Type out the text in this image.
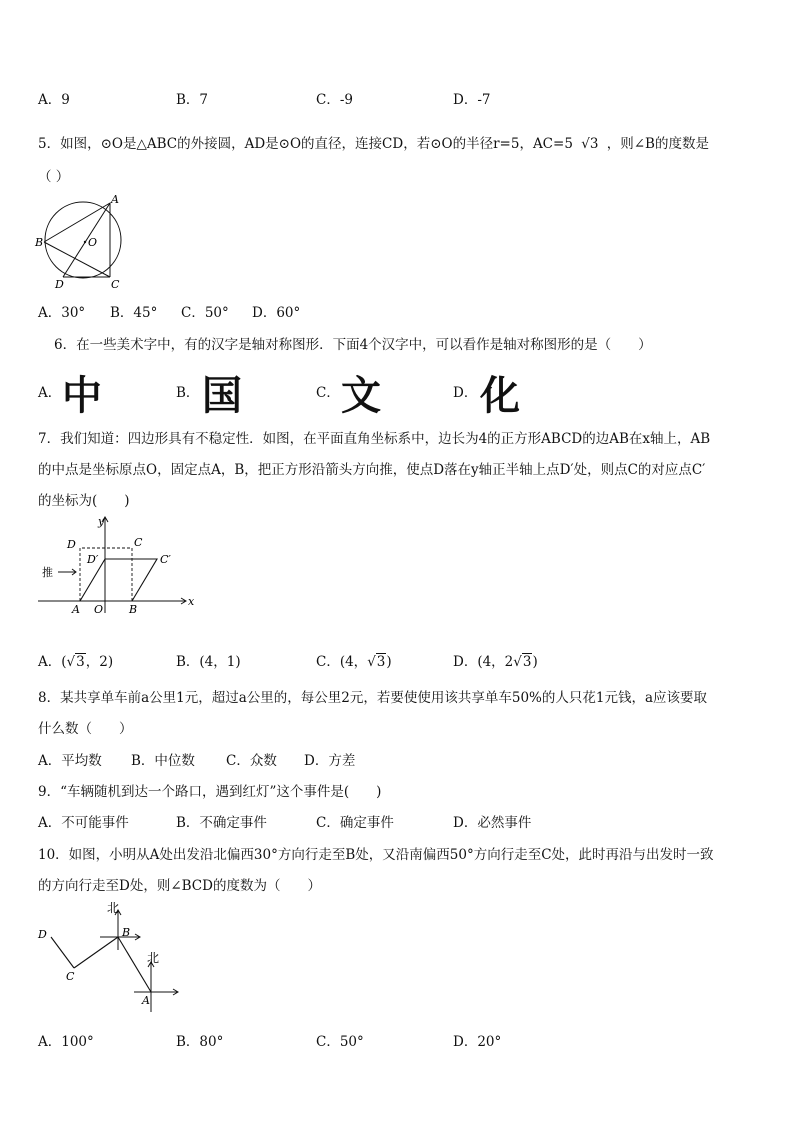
A．9	B．7	C．-9	D．-7
5．如图，⊙O是△ABC的外接圆，AD是⊙O的直径，连接CD，若⊙O的半径r=5，AC=5 √3 ，则∠B的度数是
（ ）
A
B
C
D
O
A．30° B．45° C．50° D．60°
6．在一些美术字中，有的汉字是轴对称图形．下面4个汉字中，可以看作是轴对称图形的是（　　）
A． 中	B． 国	C． 文	D． 化
7．我们知道：四边形具有不稳定性．如图，在平面直角坐标系中，边长为4的正方形ABCD的边AB在x轴上，AB
的中点是坐标原点O，固定点A，B，把正方形沿箭头方向推，使点D落在y轴正半轴上点D′处，则点C的对应点C′
的坐标为(　　)
y
x
D	C
D′	C′
A O B
推
A．(√3，2)	B．(4，1)	C．(4，√3)	D．(4，2√3)
8．某共享单车前a公里1元，超过a公里的，每公里2元，若要使使用该共享单车50%的人只花1元钱，a应该要取
什么数（　　）
A．平均数 B．中位数 C．众数 D．方差
9．“车辆随机到达一个路口，遇到红灯”这个事件是(　　)
A．不可能事件	B．不确定事件	C．确定事件	D．必然事件
10．如图，小明从A处出发沿北偏西30°方向行走至B处，又沿南偏西50°方向行走至C处，此时再沿与出发时一致
的方向行走至D处，则∠BCD的度数为（　　）
北
北
A
B
C
D
A．100°	B．80°	C．50°	D．20°
